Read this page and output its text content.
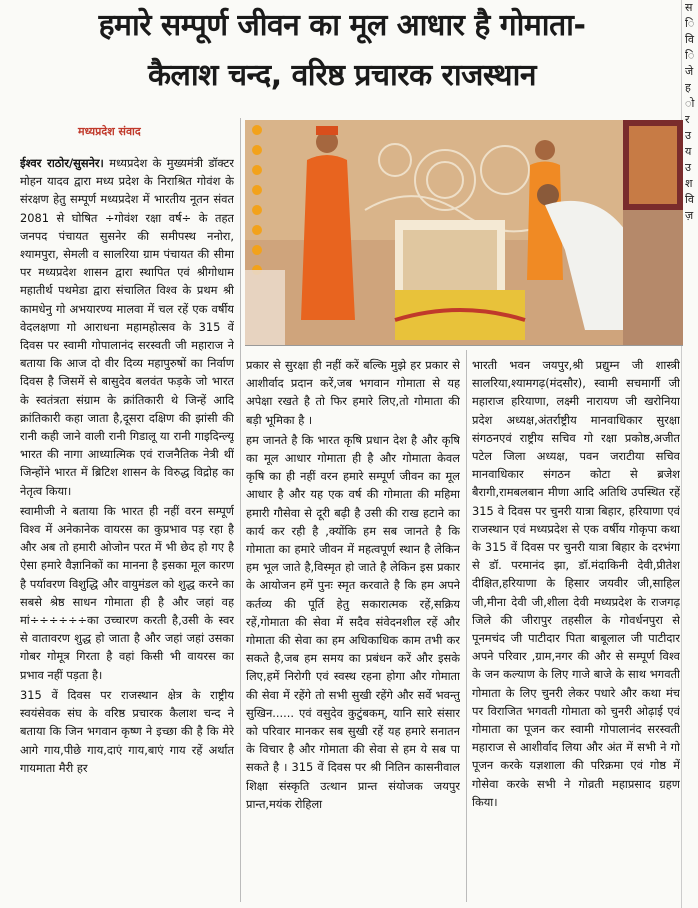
हमारे सम्पूर्ण जीवन का मूल आधार है गोमाता-
कैलाश चन्द, वरिष्ठ प्रचारक राजस्थान
स
ि
वि
ि
जे
ह
ो
र
उ
य
उ
श
वि
ज़
मध्यप्रदेश संवाद

ईश्वर राठोर/सुसनेर। मध्यप्रदेश के मुख्यमंत्री डॉक्टर मोहन यादव द्वारा मध्य प्रदेश के निराश्रित गोवंश के संरक्षण हेतु सम्पूर्ण मध्यप्रदेश में भारतीय नूतन संवत 2081 से घोषित ÷गोवंश रक्षा वर्ष÷ के तहत जनपद पंचायत सुसनेर की समीपस्थ ननोरा, श्यामपुरा, सेमली व सालरिया ग्राम पंचायत की सीमा पर मध्यप्रदेश शासन द्वारा स्थापित एवं श्रीगोधाम महातीर्थ पथमेडा द्वारा संचालित विश्व के प्रथम श्री कामधेनु गो अभयारण्य मालवा में चल रहें एक वर्षीय वेदलक्षणा गो आराधना महामहोत्सव के 315 वें दिवस पर स्वामी गोपालानंद सरस्वती जी महाराज ने बताया कि आज दो वीर दिव्य महापुरुषों का निर्वाण दिवस है जिसमें से बासुदेव बलवंत फड़के जो भारत के स्वतंत्रता संग्राम के क्रांतिकारी थे जिन्हें आदि क्रांतिकारी कहा जाता है,दूसरा दक्षिण की झांसी की रानी कही जाने वाली रानी गिडालू या रानी गाइदिन्ल्यू भारत की नागा आध्यात्मिक एवं राजनैतिक नेत्री थीं जिन्होंने भारत में ब्रिटिश शासन के विरुद्ध विद्रोह का नेतृत्व किया।

स्वामीजी ने बताया कि भारत ही नहीं वरन सम्पूर्ण विश्व में अनेकानेक वायरस का कुप्रभाव पड़ रहा है और अब तो हमारी ओजोन परत में भी छेद हो गए है ऐसा हमारे वैज्ञानिकों का मानना है इसका मूल कारण है पर्यावरण विशुद्धि और वायुमंडल को शुद्ध करने का सबसे श्रेष्ठ साधन गोमाता ही है और जहां वह मां÷÷÷÷÷÷का उच्चारण करती है,उसी के स्वर से वातावरण शुद्ध हो जाता है और जहां जहां उसका गोबर गोमूत्र गिरता है वहां किसी भी वायरस का प्रभाव नहीं पड़ता है।

315 वें दिवस पर राजस्थान क्षेत्र के राष्ट्रीय स्वयंसेवक संघ के वरिष्ठ प्रचारक कैलाश चन्द ने बताया कि जिन भगवान कृष्ण ने इच्छा की है कि मेरे आगे गाय,पीछे गाय,दाएं गाय,बाएं गाय रहें अर्थात गायमाता मैरी हर

प्रकार से सुरक्षा ही नहीं करें बल्कि मुझे हर प्रकार से आशीर्वाद प्रदान करें,जब भगवान गोमाता से यह अपेक्षा रखते है तो फिर हमारे लिए,तो गोमाता की बड़ी भूमिका है ।

हम जानते है कि भारत कृषि प्रधान देश है और कृषि का मूल आधार गोमाता ही है और गोमाता केवल कृषि का ही नहीं वरन हमारे सम्पूर्ण जीवन का मूल आधार है और यह एक वर्ष की गोमाता की महिमा हमारी गौसेवा से दूरी बढ़ी है उसी की राख हटाने का कार्य कर रही है ,क्योंकि हम सब जानते है कि गोमाता का हमारे जीवन में महत्वपूर्ण स्थान है लेकिन हम भूल जाते है,विस्मृत हो जाते है लेकिन इस प्रकार के आयोजन हमें पुनः स्मृत करवाते है कि हम अपने कर्तव्य की पूर्ति हेतु सकारात्मक रहें,सक्रिय रहें,गोमाता की सेवा में सदैव संवेदनशील रहें और गोमाता की सेवा का हम अधिकाधिक काम तभी कर सकते है,जब हम समय का प्रबंधन करें और इसके लिए,हमें निरोगी एवं स्वस्थ रहना होगा और गोमाता की सेवा में रहेंगे तो सभी सुखी रहेंगे और सर्वे भवन्तु सुखिन...... एवं वसुदेव कुटुंबकम्, यानि सारे संसार को परिवार मानकर सब सुखी रहें यह हमारे सनातन के विचार है और गोमाता की सेवा से हम ये सब पा सकते है । 315 वें दिवस पर श्री नितिन कासनीवाल शिक्षा संस्कृति उत्थान प्रान्त संयोजक जयपुर प्रान्त,मयंक रोहिला

भारती भवन जयपुर,श्री प्रद्युम्न जी शास्त्री सालरिया,श्यामगढ़(मंदसौर), स्वामी सचमार्गी जी महाराज हरियाणा, लक्ष्मी नारायण जी खरोनिया प्रदेश अध्यक्ष,अंतर्राष्ट्रीय मानवाधिकार सुरक्षा संगठनएवं राष्ट्रीय सचिव गो रक्षा प्रकोष्ठ,अजीत पटेल जिला अध्यक्ष, पवन जराटीया सचिव मानवाधिकार संगठन कोटा से ब्रजेश बैरागी,रामबलबान मीणा आदि अतिथि उपस्थित रहें 315 वे दिवस पर चुनरी यात्रा बिहार, हरियाणा एवं राजस्थान एवं मध्यप्रदेश से एक वर्षीय गोकृपा कथा के 315 वें दिवस पर चुनरी यात्रा बिहार के दरभंगा से डॉ. परमानंद झा, डॉ.मंदाकिनी देवी,प्रीतेश दीक्षित,हरियाणा के हिसार जयवीर जी,साहिल जी,मीना देवी जी,शीला देवी मध्यप्रदेश के राजगढ़ जिले की जीरापुर तहसील के गोवर्धनपुरा से पूनमचंद जी पाटीदार पिता बाबूलाल जी पाटीदार अपने परिवार ,ग्राम,नगर की और से सम्पूर्ण विश्व के जन कल्याण के लिए गाजे बाजे के साथ भगवती गोमाता के लिए चुनरी लेकर पधारे और कथा मंच पर विराजित भगवती गोमाता को चुनरी ओढ़ाई एवं गोमाता का पूजन कर स्वामी गोपालानंद सरस्वती महाराज से आशीर्वाद लिया और अंत में सभी ने गो पूजन करके यज्ञशाला की परिक्रमा एवं गोष्ठ में गोसेवा करके सभी ने गोव्रती महाप्रसाद ग्रहण किया।
